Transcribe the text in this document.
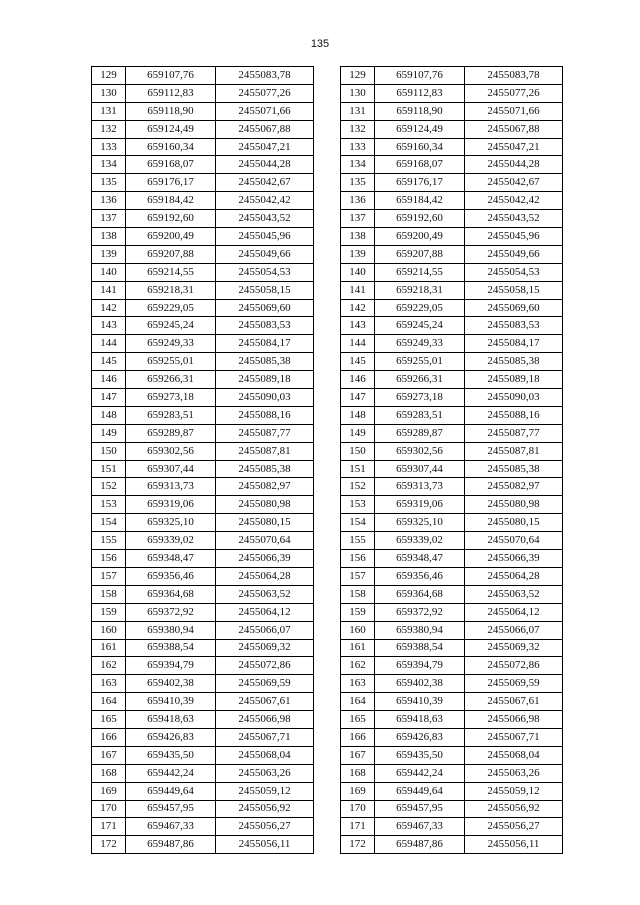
135
129	659107,76	2455083,78
130	659112,83	2455077,26
131	659118,90	2455071,66
132	659124,49	2455067,88
133	659160,34	2455047,21
134	659168,07	2455044,28
135	659176,17	2455042,67
136	659184,42	2455042,42
137	659192,60	2455043,52
138	659200,49	2455045,96
139	659207,88	2455049,66
140	659214,55	2455054,53
141	659218,31	2455058,15
142	659229,05	2455069,60
143	659245,24	2455083,53
144	659249,33	2455084,17
145	659255,01	2455085,38
146	659266,31	2455089,18
147	659273,18	2455090,03
148	659283,51	2455088,16
149	659289,87	2455087,77
150	659302,56	2455087,81
151	659307,44	2455085,38
152	659313,73	2455082,97
153	659319,06	2455080,98
154	659325,10	2455080,15
155	659339,02	2455070,64
156	659348,47	2455066,39
157	659356,46	2455064,28
158	659364,68	2455063,52
159	659372,92	2455064,12
160	659380,94	2455066,07
161	659388,54	2455069,32
162	659394,79	2455072,86
163	659402,38	2455069,59
164	659410,39	2455067,61
165	659418,63	2455066,98
166	659426,83	2455067,71
167	659435,50	2455068,04
168	659442,24	2455063,26
169	659449,64	2455059,12
170	659457,95	2455056,92
171	659467,33	2455056,27
172	659487,86	2455056,11
129	659107,76	2455083,78
130	659112,83	2455077,26
131	659118,90	2455071,66
132	659124,49	2455067,88
133	659160,34	2455047,21
134	659168,07	2455044,28
135	659176,17	2455042,67
136	659184,42	2455042,42
137	659192,60	2455043,52
138	659200,49	2455045,96
139	659207,88	2455049,66
140	659214,55	2455054,53
141	659218,31	2455058,15
142	659229,05	2455069,60
143	659245,24	2455083,53
144	659249,33	2455084,17
145	659255,01	2455085,38
146	659266,31	2455089,18
147	659273,18	2455090,03
148	659283,51	2455088,16
149	659289,87	2455087,77
150	659302,56	2455087,81
151	659307,44	2455085,38
152	659313,73	2455082,97
153	659319,06	2455080,98
154	659325,10	2455080,15
155	659339,02	2455070,64
156	659348,47	2455066,39
157	659356,46	2455064,28
158	659364,68	2455063,52
159	659372,92	2455064,12
160	659380,94	2455066,07
161	659388,54	2455069,32
162	659394,79	2455072,86
163	659402,38	2455069,59
164	659410,39	2455067,61
165	659418,63	2455066,98
166	659426,83	2455067,71
167	659435,50	2455068,04
168	659442,24	2455063,26
169	659449,64	2455059,12
170	659457,95	2455056,92
171	659467,33	2455056,27
172	659487,86	2455056,11
